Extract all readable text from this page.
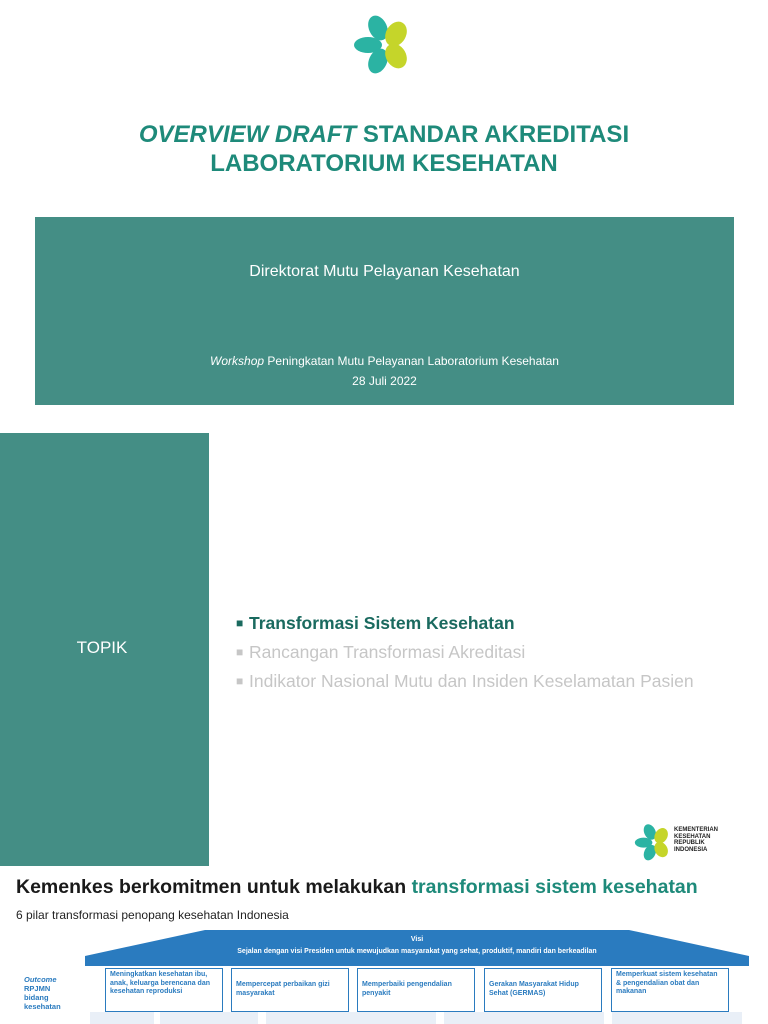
OVERVIEW DRAFT STANDAR AKREDITASI
LABORATORIUM KESEHATAN
Direktorat Mutu Pelayanan Kesehatan
Workshop Peningkatan Mutu Pelayanan Laboratorium Kesehatan
28 Juli 2022
TOPIK
■ Transformasi Sistem Kesehatan
■ Rancangan Transformasi Akreditasi
■ Indikator Nasional Mutu dan Insiden Keselamatan Pasien
KEMENTERIAN
KESEHATAN
REPUBLIK
INDONESIA
Kemenkes berkomitmen untuk melakukan transformasi sistem kesehatan
6 pilar transformasi penopang kesehatan Indonesia
Visi
Sejalan dengan visi Presiden untuk mewujudkan masyarakat yang sehat, produktif, mandiri dan berkeadilan
Outcome
RPJMN
bidang
kesehatan
Meningkatkan kesehatan ibu, anak, keluarga berencana dan kesehatan reproduksi
Mempercepat perbaikan gizi masyarakat
Memperbaiki pengendalian penyakit
Gerakan Masyarakat Hidup Sehat (GERMAS)
Memperkuat sistem kesehatan & pengendalian obat dan makanan
